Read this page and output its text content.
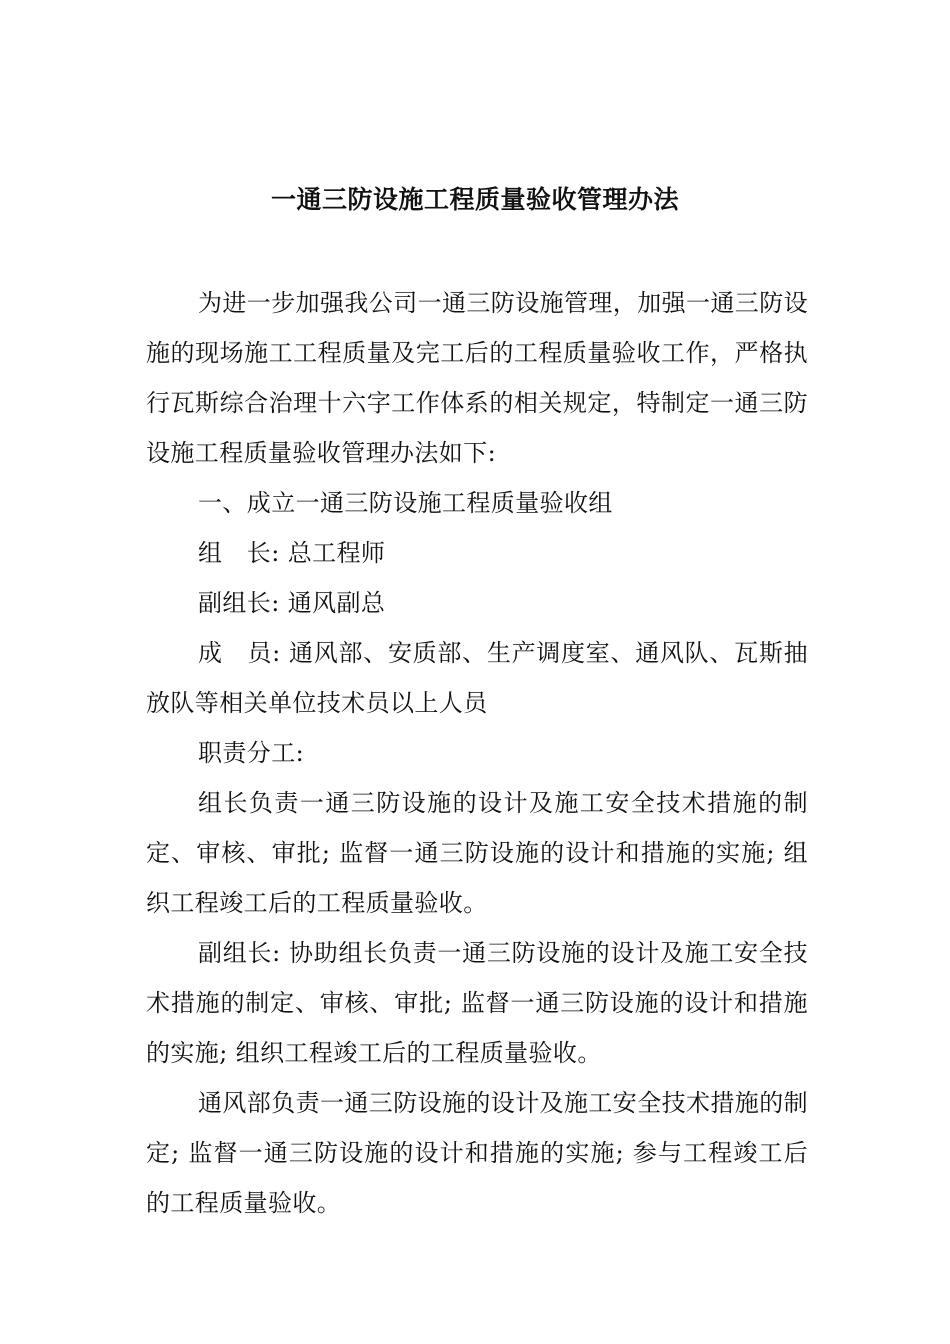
一通三防设施工程质量验收管理办法

为进一步加强我公司一通三防设施管理，加强一通三防设施的现场施工工程质量及完工后的工程质量验收工作，严格执行瓦斯综合治理十六字工作体系的相关规定，特制定一通三防设施工程质量验收管理办法如下:

一、成立一通三防设施工程质量验收组

组　长: 总工程师

副组长: 通风副总

成　员: 通风部、安质部、生产调度室、通风队、瓦斯抽放队等相关单位技术员以上人员

职责分工:

组长负责一通三防设施的设计及施工安全技术措施的制定、审核、审批; 监督一通三防设施的设计和措施的实施; 组织工程竣工后的工程质量验收。

副组长: 协助组长负责一通三防设施的设计及施工安全技术措施的制定、审核、审批; 监督一通三防设施的设计和措施的实施; 组织工程竣工后的工程质量验收。

通风部负责一通三防设施的设计及施工安全技术措施的制定; 监督一通三防设施的设计和措施的实施; 参与工程竣工后的工程质量验收。
